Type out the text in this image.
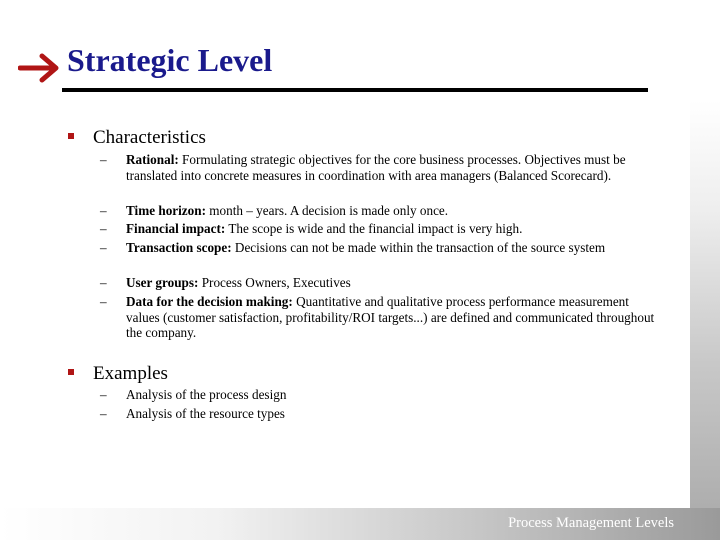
Strategic Level
Characteristics
– Rational: Formulating strategic objectives for the core business processes. Objectives must be translated into concrete measures in coordination with area managers (Balanced Scorecard).
– Time horizon: month – years. A decision is made only once.
– Financial impact: The scope is wide and the financial impact is very high.
– Transaction scope: Decisions can not be made within the transaction of the source system
– User groups: Process Owners, Executives
– Data for the decision making: Quantitative and qualitative process performance measurement values (customer satisfaction, profitability/ROI targets...) are defined and communicated throughout the company.
Examples
– Analysis of the process design
– Analysis of the resource types
Process Management Levels
